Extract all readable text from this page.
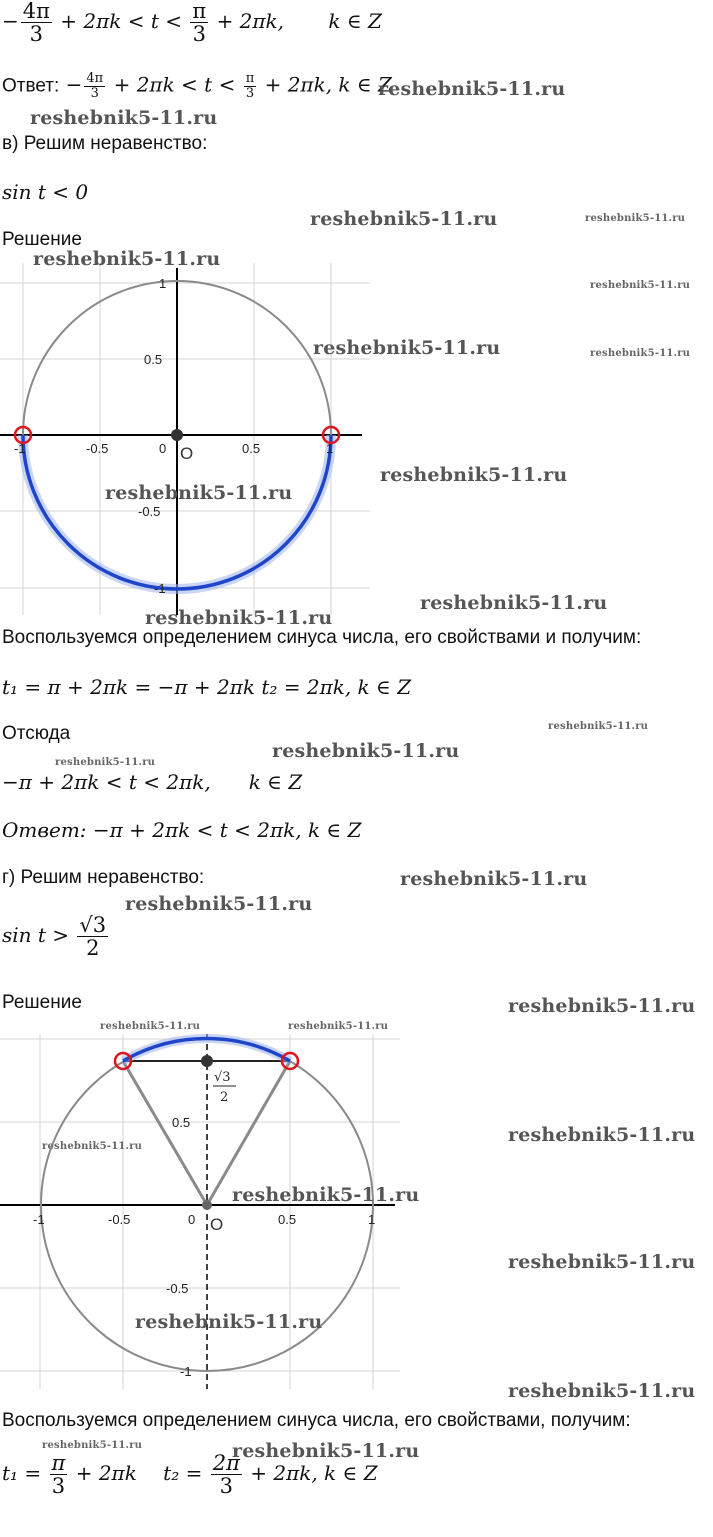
− $\frac{4\pi}{3} + 2\pi k < t < \frac{\pi}{3} + 2\pi k$, k ∈ Z
Ответ: − $\frac{4\pi}{3} + 2\pi k < t < \frac{\pi}{3} + 2\pi k$, k ∈ Z
в) Решим неравенство:
sin t < 0
Решение
-1	-0.5	0	0.5	1
1
0.5
-0.5
-1
O
Воспользуемся определением синуса числа, его свойствами и получим:
t₁ = π + 2πk = −π + 2πk t₂ = 2πk, k ∈ Z
Отсюда
−π + 2πk < t < 2πk, k ∈ Z
Ответ: −π + 2πk < t < 2πk, k ∈ Z
г) Решим неравенство:
$\sin t > \frac{√3}{2}$
Решение
√3
2
-1	-0.5	0	0.5	1
0.5
-0.5
-1
O
Воспользуемся определением синуса числа, его свойствами, получим:
$t_1 = \frac{\pi}{3} + 2\pi k$ $t_2 = \frac{2\pi}{3} + 2\pi k$, k ∈ Z
reshebnik5-11.ru
reshebnik5-11.ru
reshebnik5-11.ru	reshebnik5-11.ru
reshebnik5-11.ru
reshebnik5-11.ru
reshebnik5-11.ru	reshebnik5-11.ru
reshebnik5-11.ru
reshebnik5-11.ru
reshebnik5-11.ru
reshebnik5-11.ru
reshebnik5-11.ru
reshebnik5-11.ru
reshebnik5-11.ru
reshebnik5-11.ru
reshebnik5-11.ru
reshebnik5-11.ru
reshebnik5-11.ru	reshebnik5-11.ru
reshebnik5-11.ru
reshebnik5-11.ru
reshebnik5-11.ru
reshebnik5-11.ru
reshebnik5-11.ru
reshebnik5-11.ru
reshebnik5-11.ru	reshebnik5-11.ru
